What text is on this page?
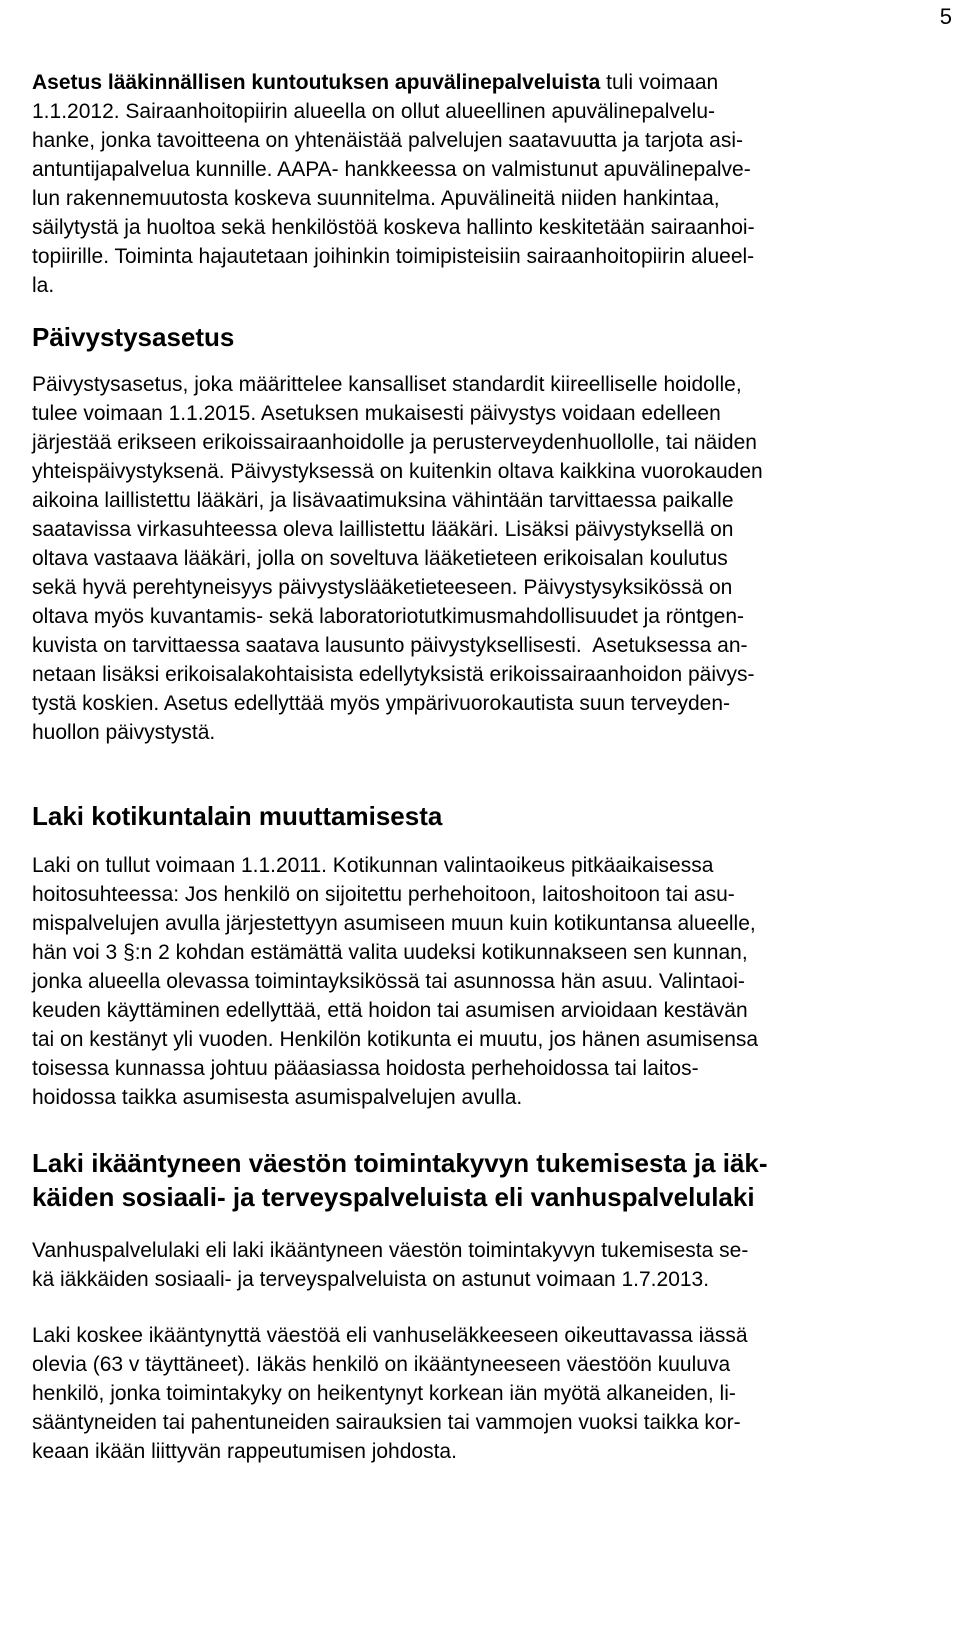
5
Asetus lääkinnällisen kuntoutuksen apuvälinepalveluista tuli voimaan
1.1.2012. Sairaanhoitopiirin alueella on ollut alueellinen apuvälinepalvelu-
hanke, jonka tavoitteena on yhtenäistää palvelujen saatavuutta ja tarjota asi-
antuntijapalvelua kunnille. AAPA- hankkeessa on valmistunut apuvälinepalve-
lun rakennemuutosta koskeva suunnitelma. Apuvälineitä niiden hankintaa,
säilytystä ja huoltoa sekä henkilöstöä koskeva hallinto keskitetään sairaanhoi-
topiirille. Toiminta hajautetaan joihinkin toimipisteisiin sairaanhoitopiirin alueel-
la.
Päivystysasetus
Päivystysasetus, joka määrittelee kansalliset standardit kiireelliselle hoidolle,
tulee voimaan 1.1.2015. Asetuksen mukaisesti päivystys voidaan edelleen
järjestää erikseen erikoissairaanhoidolle ja perusterveydenhuollolle, tai näiden
yhteispäivystyksenä. Päivystyksessä on kuitenkin oltava kaikkina vuorokauden
aikoina laillistettu lääkäri, ja lisävaatimuksina vähintään tarvittaessa paikalle
saatavissa virkasuhteessa oleva laillistettu lääkäri. Lisäksi päivystyksellä on
oltava vastaava lääkäri, jolla on soveltuva lääketieteen erikoisalan koulutus
sekä hyvä perehtyneisyys päivystyslääketieteeseen. Päivystysyksikössä on
oltava myös kuvantamis- sekä laboratoriotutkimusmahdollisuudet ja röntgen-
kuvista on tarvittaessa saatava lausunto päivystyksellisesti.  Asetuksessa an-
netaan lisäksi erikoisalakohtaisista edellytyksistä erikoissairaanhoidon päivys-
tystä koskien. Asetus edellyttää myös ympärivuorokautista suun terveyden-
huollon päivystystä.
Laki kotikuntalain muuttamisesta
Laki on tullut voimaan 1.1.2011. Kotikunnan valintaoikeus pitkäaikaisessa
hoitosuhteessa: Jos henkilö on sijoitettu perhehoitoon, laitoshoitoon tai asu-
mispalvelujen avulla järjestettyyn asumiseen muun kuin kotikuntansa alueelle,
hän voi 3 §:n 2 kohdan estämättä valita uudeksi kotikunnakseen sen kunnan,
jonka alueella olevassa toimintayksikössä tai asunnossa hän asuu. Valintaoi-
keuden käyttäminen edellyttää, että hoidon tai asumisen arvioidaan kestävän
tai on kestänyt yli vuoden. Henkilön kotikunta ei muutu, jos hänen asumisensa
toisessa kunnassa johtuu pääasiassa hoidosta perhehoidossa tai laitos-
hoidossa taikka asumisesta asumispalvelujen avulla.
Laki ikääntyneen väestön toimintakyvyn tukemisesta ja iäk-
käiden sosiaali- ja terveyspalveluista eli vanhuspalvelulaki
Vanhuspalvelulaki eli laki ikääntyneen väestön toimintakyvyn tukemisesta se-
kä iäkkäiden sosiaali- ja terveyspalveluista on astunut voimaan 1.7.2013.
Laki koskee ikääntynyttä väestöä eli vanhuseläkkeeseen oikeuttavassa iässä
olevia (63 v täyttäneet). Iäkäs henkilö on ikääntyneeseen väestöön kuuluva
henkilö, jonka toimintakyky on heikentynyt korkean iän myötä alkaneiden, li-
sääntyneiden tai pahentuneiden sairauksien tai vammojen vuoksi taikka kor-
keaan ikään liittyvän rappeutumisen johdosta.
